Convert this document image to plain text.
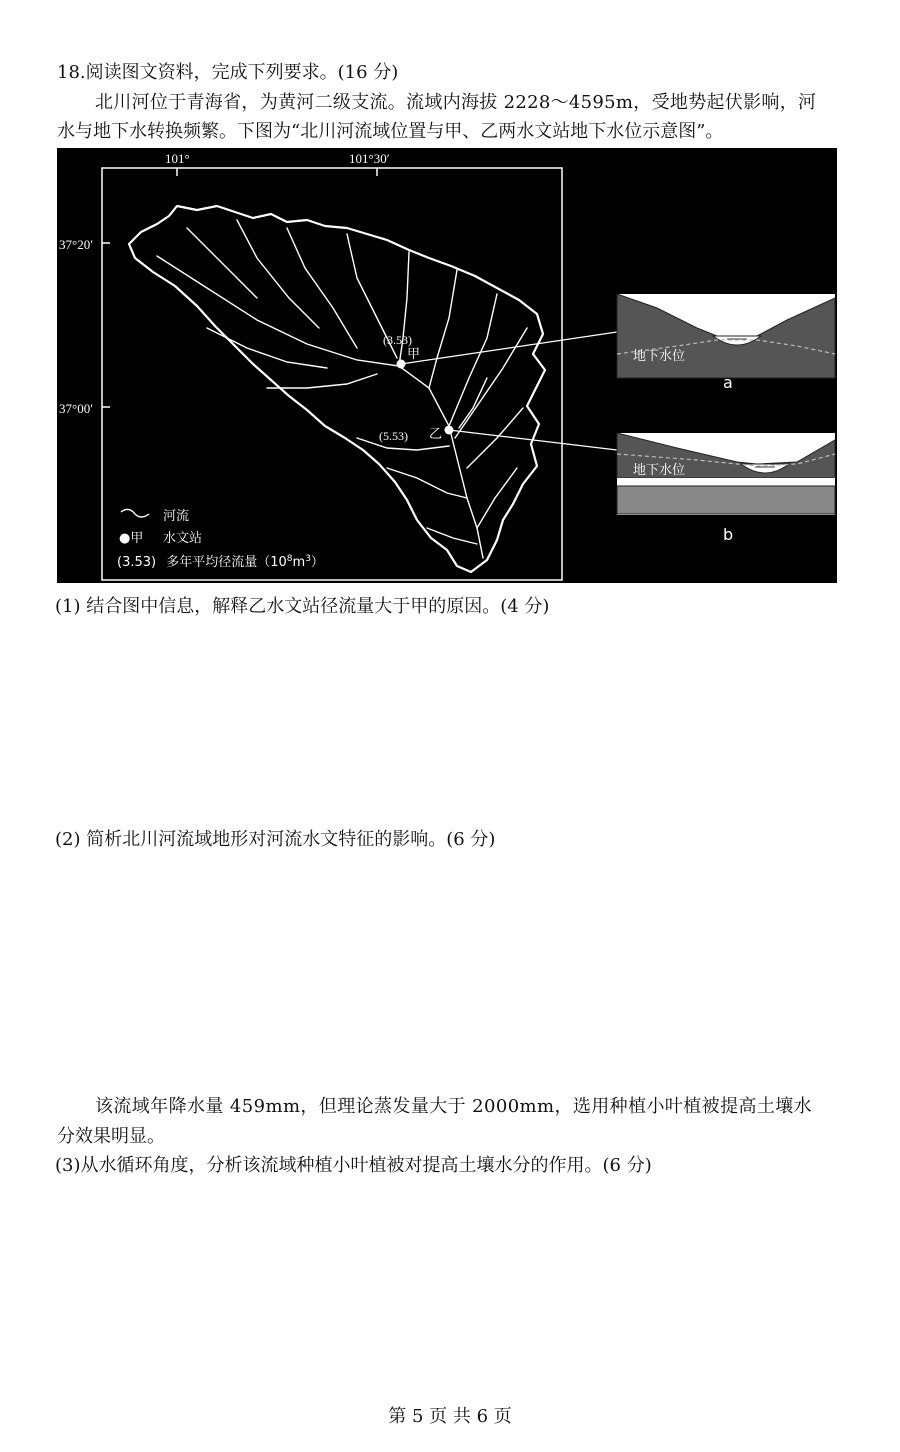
18.阅读图文资料，完成下列要求。(16 分)
北川河位于青海省，为黄河二级支流。流域内海拔 2228～4595m，受地势起伏影响，河
水与地下水转换频繁。下图为“北川河流域位置与甲、乙两水文站地下水位示意图”。
101°	101°30′
37°20′
37°00′
(3.53)
甲
(5.53) 乙
地下水位
a
地下水位
b
河流
●甲 水文站
(3.53) 多年平均径流量$(10^8m^3)$
(1) 结合图中信息，解释乙水文站径流量大于甲的原因。(4 分)
(2) 简析北川河流域地形对河流水文特征的影响。(6 分)
该流域年降水量 459mm，但理论蒸发量大于 2000mm，选用种植小叶植被提高土壤水
分效果明显。
(3)从水循环角度，分析该流域种植小叶植被对提高土壤水分的作用。(6 分)
第 5 页 共 6 页
